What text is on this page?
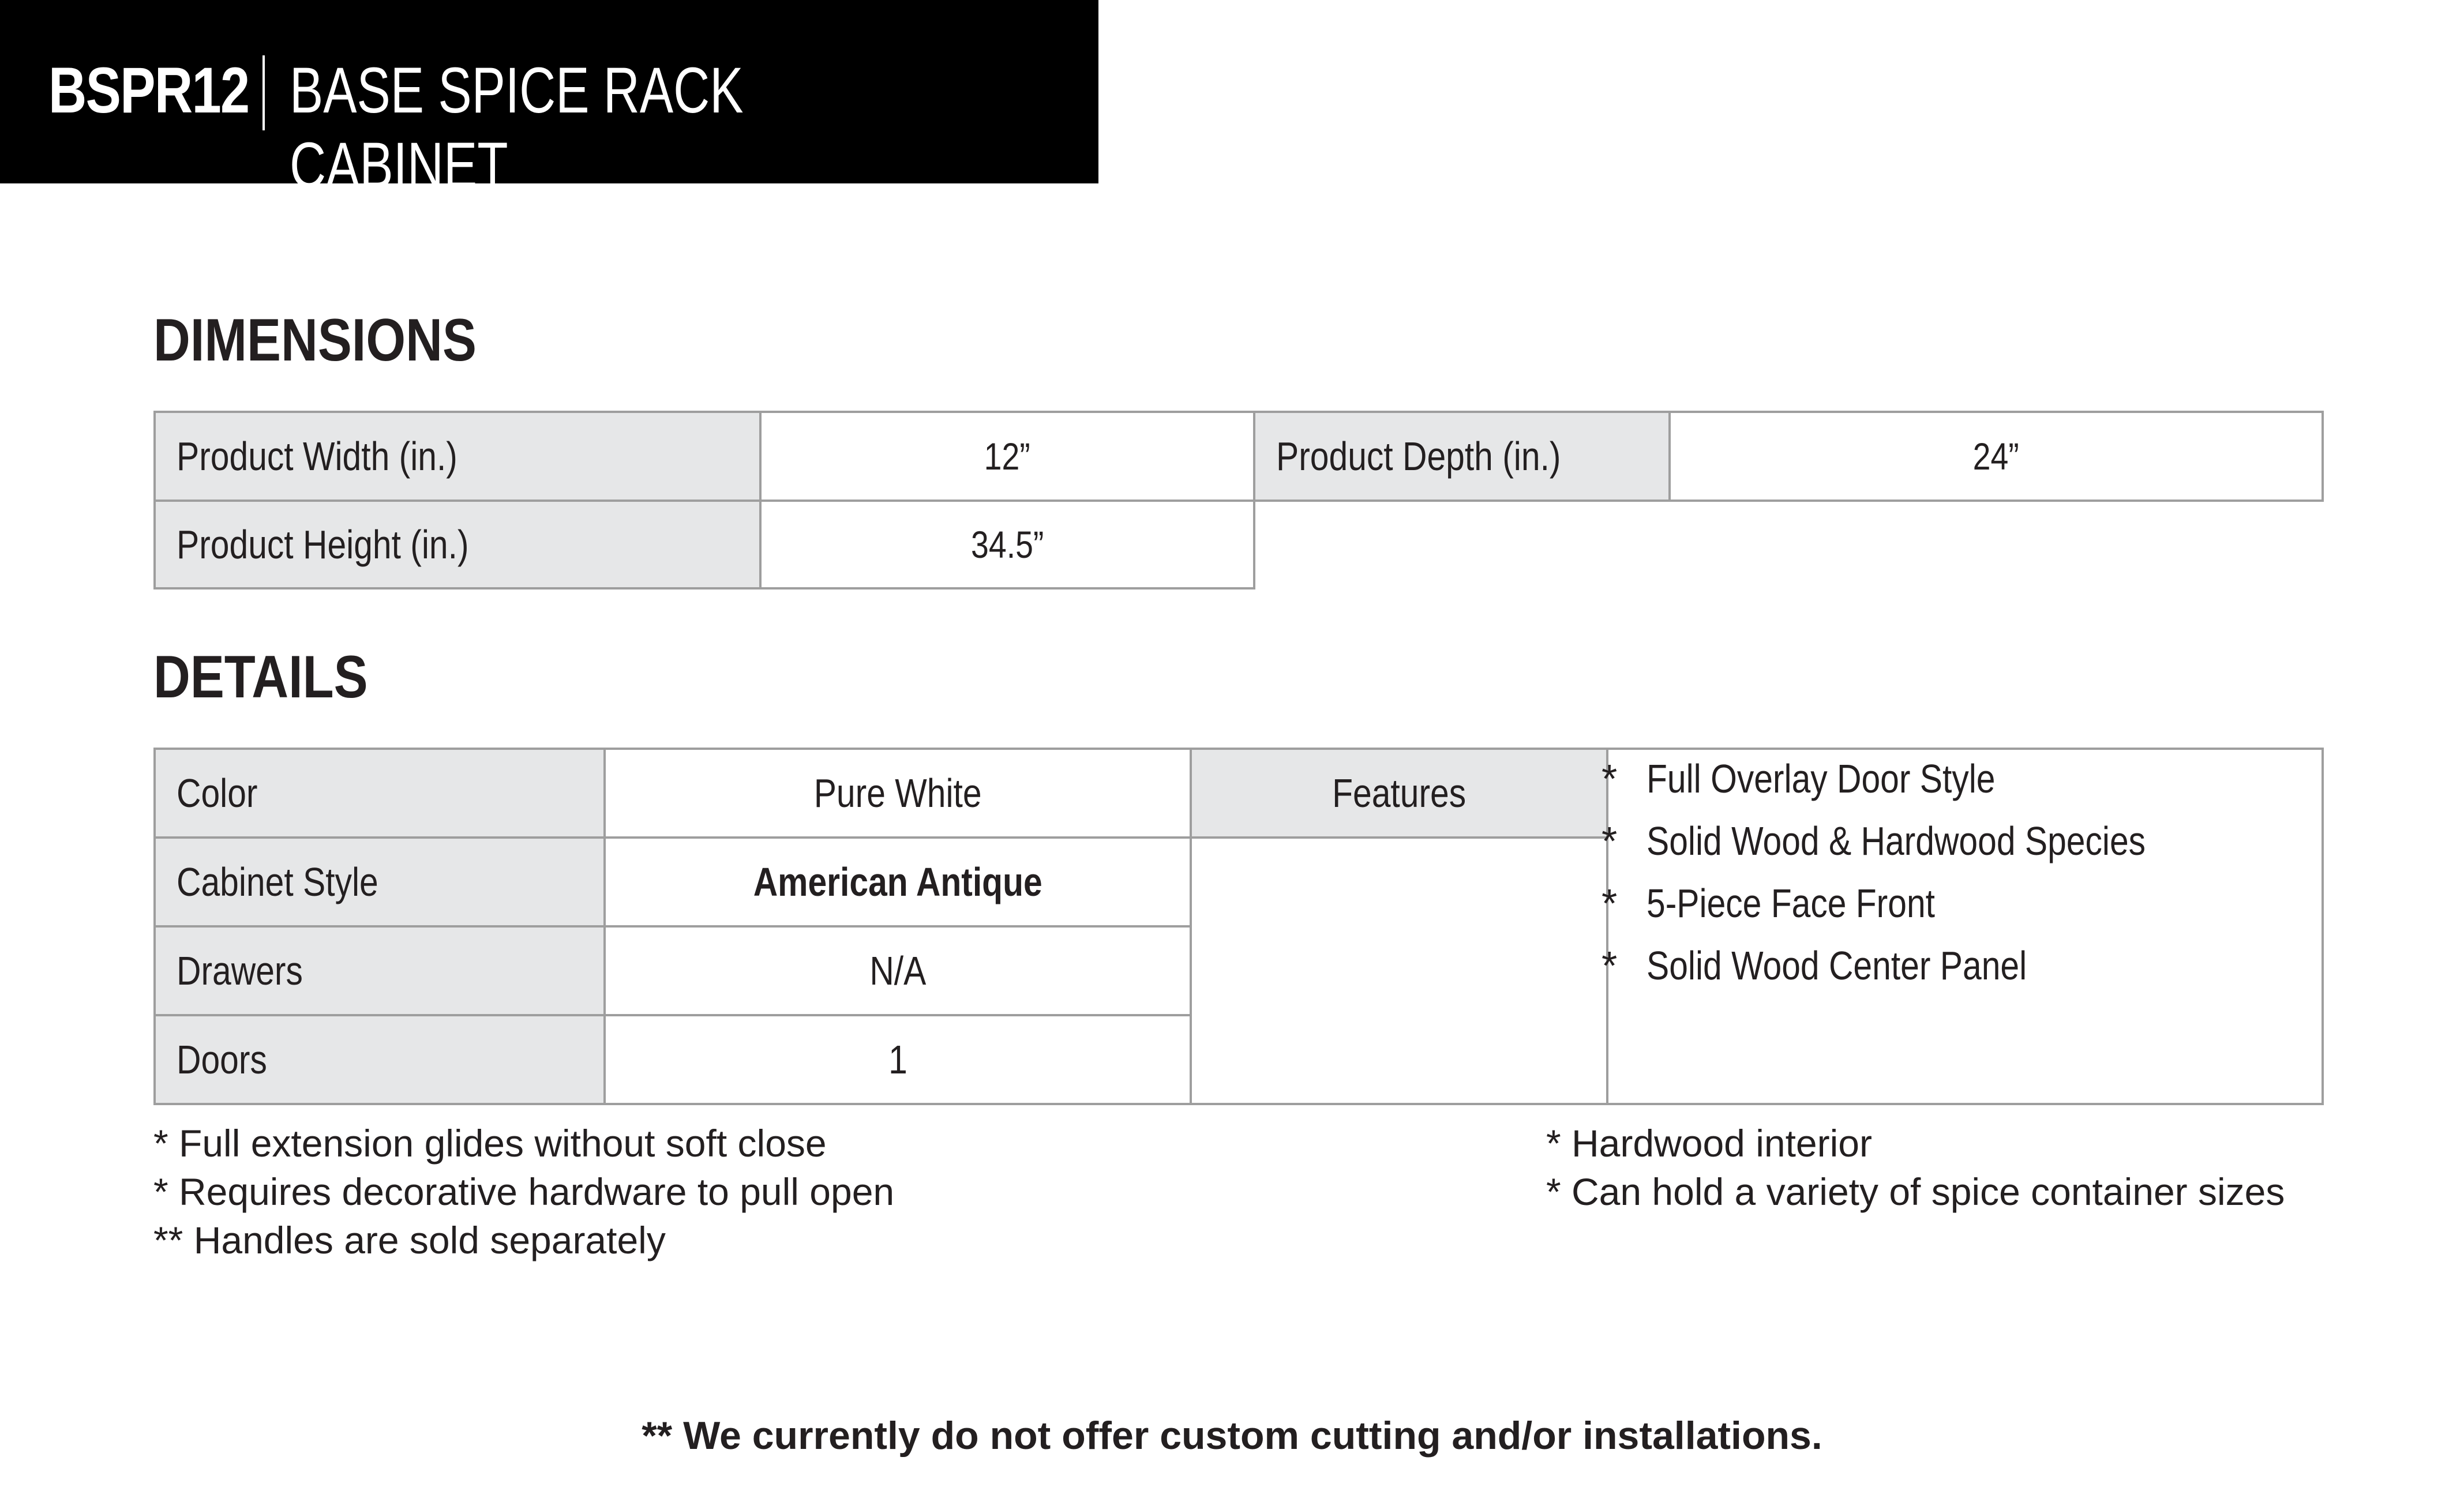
BSPR12 BASE SPICE RACK CABINET
DIMENSIONS
Product Width (in.)	12”	Product Depth (in.)	24”
Product Height (in.)	34.5”
DETAILS
Color	Pure White
Cabinet Style	American Antique
Drawers	N/A
Doors	1
Features	* Full Overlay Door Style
* Solid Wood & Hardwood Species
* 5-Piece Face Front
* Solid Wood Center Panel
* Full extension glides without soft close
* Requires decorative hardware to pull open
** Handles are sold separately
* Hardwood interior
* Can hold a variety of spice container sizes
** We currently do not offer custom cutting and/or installations.
